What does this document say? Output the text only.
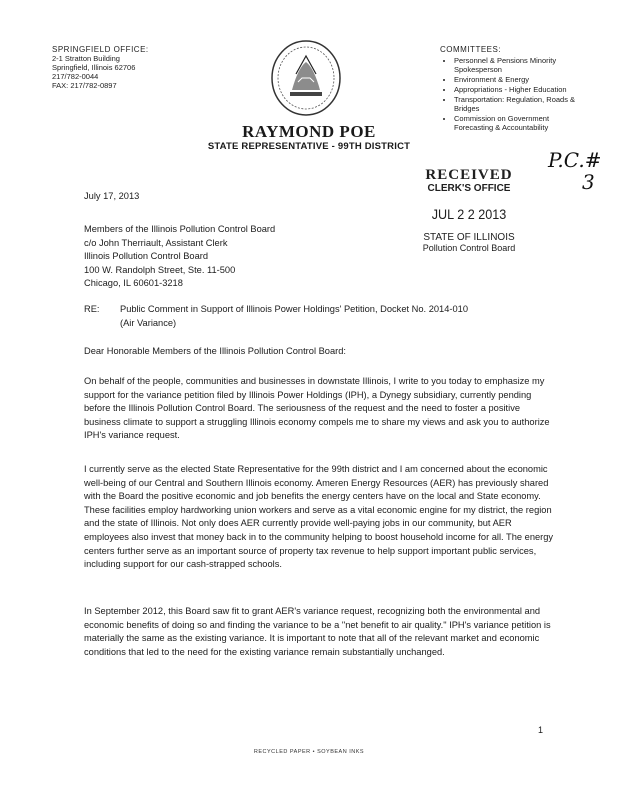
SPRINGFIELD OFFICE:
2-1 Stratton Building
Springfield, Illinois 62706
217/782-0044
FAX: 217/782-0897
COMMITTEES:
• Personnel & Pensions Minority Spokesperson
• Environment & Energy
• Appropriations - Higher Education
• Transportation: Regulation, Roads & Bridges
• Commission on Government Forecasting & Accountability
RAYMOND POE
STATE REPRESENTATIVE - 99TH DISTRICT
P.C.#
3
RECEIVED
CLERK'S OFFICE
JUL 2 2 2013
STATE OF ILLINOIS
Pollution Control Board
July 17, 2013
Members of the Illinois Pollution Control Board
c/o John Therriault, Assistant Clerk
Illinois Pollution Control Board
100 W. Randolph Street, Ste. 11-500
Chicago, IL 60601-3218
RE: Public Comment in Support of Illinois Power Holdings' Petition, Docket No. 2014-010
(Air Variance)
Dear Honorable Members of the Illinois Pollution Control Board:
On behalf of the people, communities and businesses in downstate Illinois, I write to you today to emphasize my support for the variance petition filed by Illinois Power Holdings (IPH), a Dynegy subsidiary, currently pending before the Illinois Pollution Control Board. The seriousness of the request and the need to foster a positive business climate to support a struggling Illinois economy compels me to share my views and ask you to authorize IPH's variance request.
I currently serve as the elected State Representative for the 99th district and I am concerned about the economic well-being of our Central and Southern Illinois economy. Ameren Energy Resources (AER) has previously shared with the Board the positive economic and job benefits the energy centers have on the local and State economy. These facilities employ hardworking union workers and serve as a vital economic engine for my district, the region and the state of Illinois. Not only does AER currently provide well-paying jobs in our community, but AER employees also invest that money back in to the community helping to boost household income for all. The energy centers further serve as an important source of property tax revenue to help support important public services, including support for our cash-strapped schools.
In September 2012, this Board saw fit to grant AER's variance request, recognizing both the environmental and economic benefits of doing so and finding the variance to be a "net benefit to air quality." IPH's variance petition is materially the same as the existing variance. It is important to note that all of the relevant market and economic conditions that led to the need for the existing variance remain substantially unchanged.
1
RECYCLED PAPER • SOYBEAN INKS
